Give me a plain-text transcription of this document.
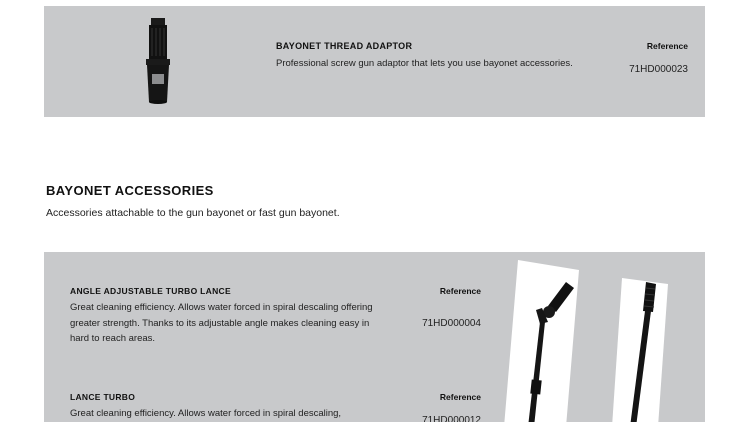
BAYONET THREAD ADAPTOR
Professional screw gun adaptor that lets you use bayonet accessories.
Reference
71HD000023
BAYONET ACCESSORIES
Accessories attachable to the gun bayonet or fast gun bayonet.
ANGLE ADJUSTABLE TURBO LANCE
Great cleaning efficiency. Allows water forced in spiral descaling offering greater strength. Thanks to its adjustable angle makes cleaning easy in hard to reach areas.
Reference
71HD000004
LANCE TURBO
Great cleaning efficiency. Allows water forced in spiral descaling,
Reference
71HD000012
